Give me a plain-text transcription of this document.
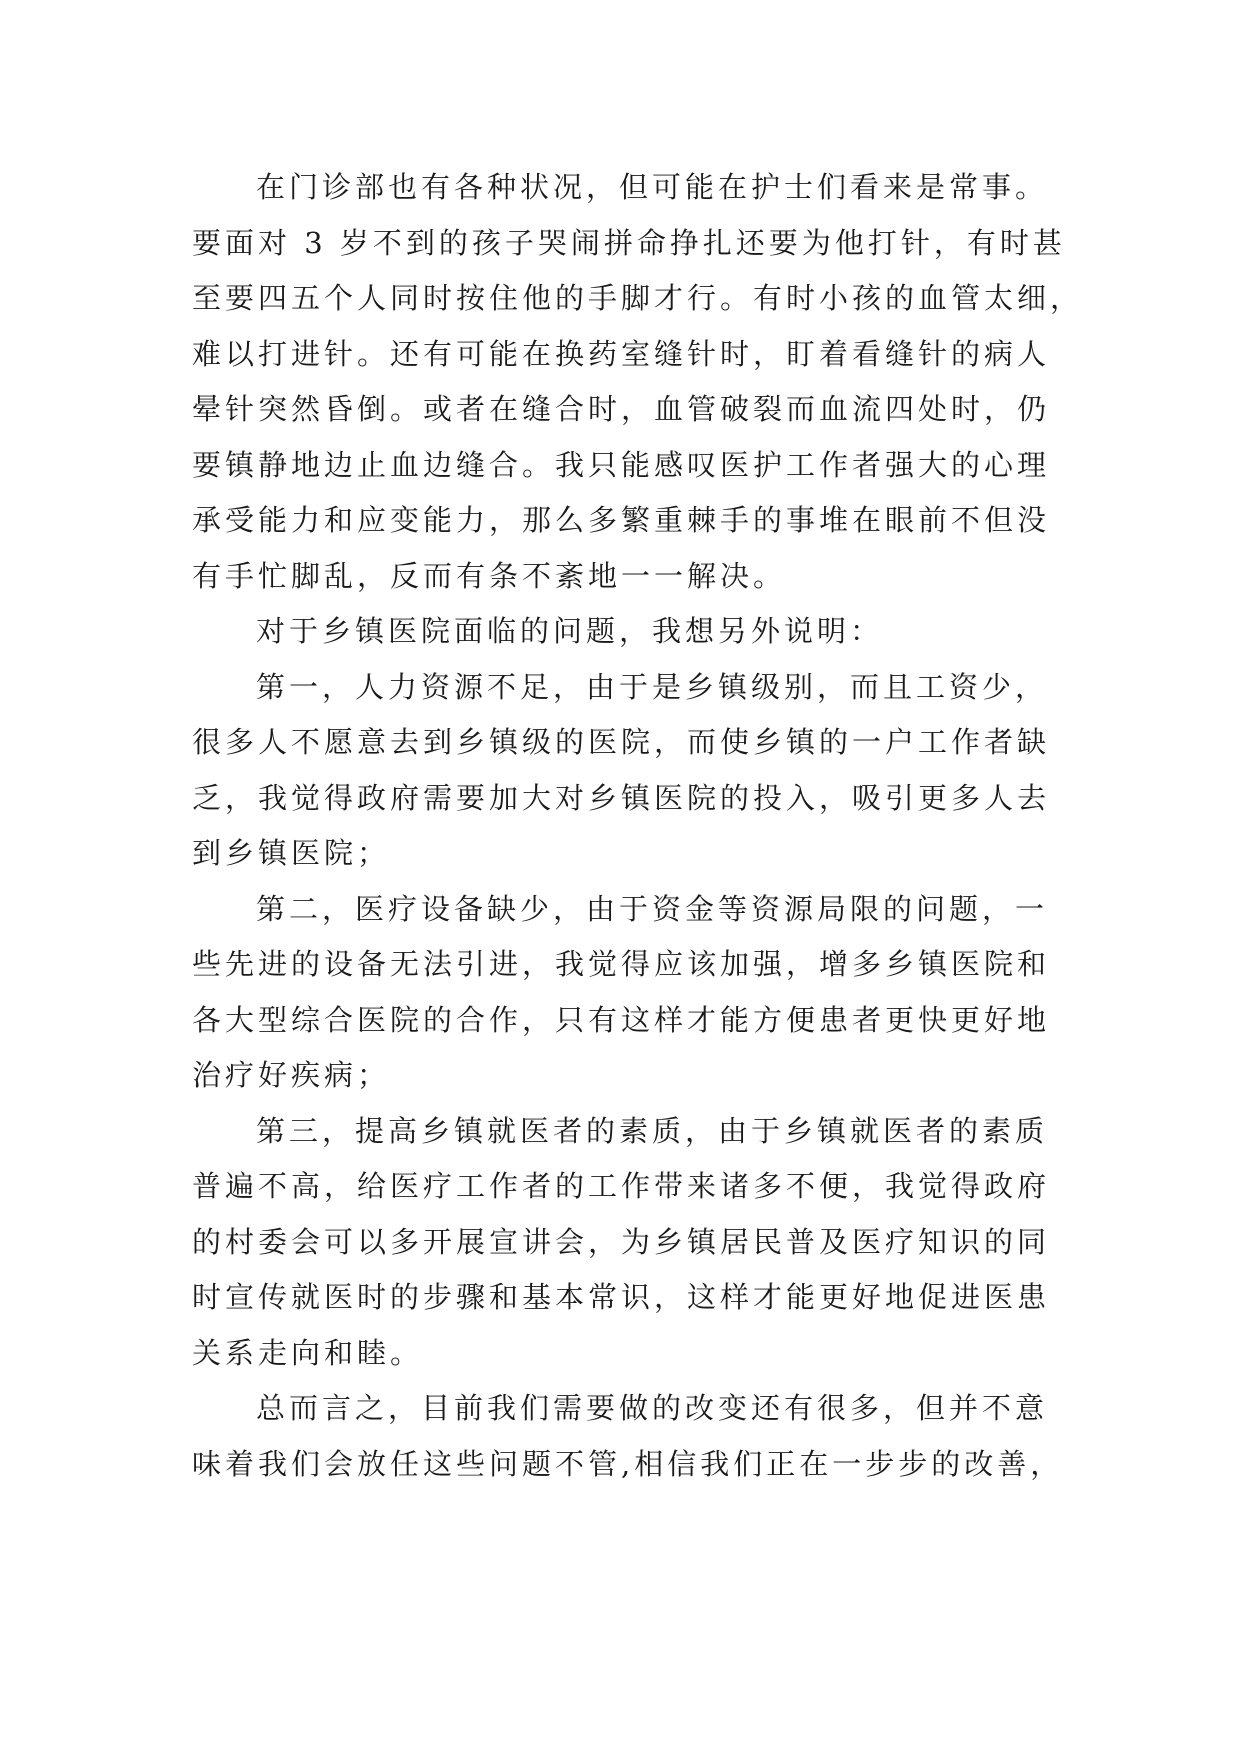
在门诊部也有各种状况，但可能在护士们看来是常事。
要面对 3 岁不到的孩子哭闹拼命挣扎还要为他打针，有时甚
至要四五个人同时按住他的手脚才行。有时小孩的血管太细，
难以打进针。还有可能在换药室缝针时，盯着看缝针的病人
晕针突然昏倒。或者在缝合时，血管破裂而血流四处时，仍
要镇静地边止血边缝合。我只能感叹医护工作者强大的心理
承受能力和应变能力，那么多繁重棘手的事堆在眼前不但没
有手忙脚乱，反而有条不紊地一一解决。
对于乡镇医院面临的问题，我想另外说明：
第一，人力资源不足，由于是乡镇级别，而且工资少，
很多人不愿意去到乡镇级的医院，而使乡镇的一户工作者缺
乏，我觉得政府需要加大对乡镇医院的投入，吸引更多人去
到乡镇医院；
第二，医疗设备缺少，由于资金等资源局限的问题，一
些先进的设备无法引进，我觉得应该加强，增多乡镇医院和
各大型综合医院的合作，只有这样才能方便患者更快更好地
治疗好疾病；
第三，提高乡镇就医者的素质，由于乡镇就医者的素质
普遍不高，给医疗工作者的工作带来诸多不便，我觉得政府
的村委会可以多开展宣讲会，为乡镇居民普及医疗知识的同
时宣传就医时的步骤和基本常识，这样才能更好地促进医患
关系走向和睦。
总而言之，目前我们需要做的改变还有很多，但并不意
味着我们会放任这些问题不管,相信我们正在一步步的改善，
